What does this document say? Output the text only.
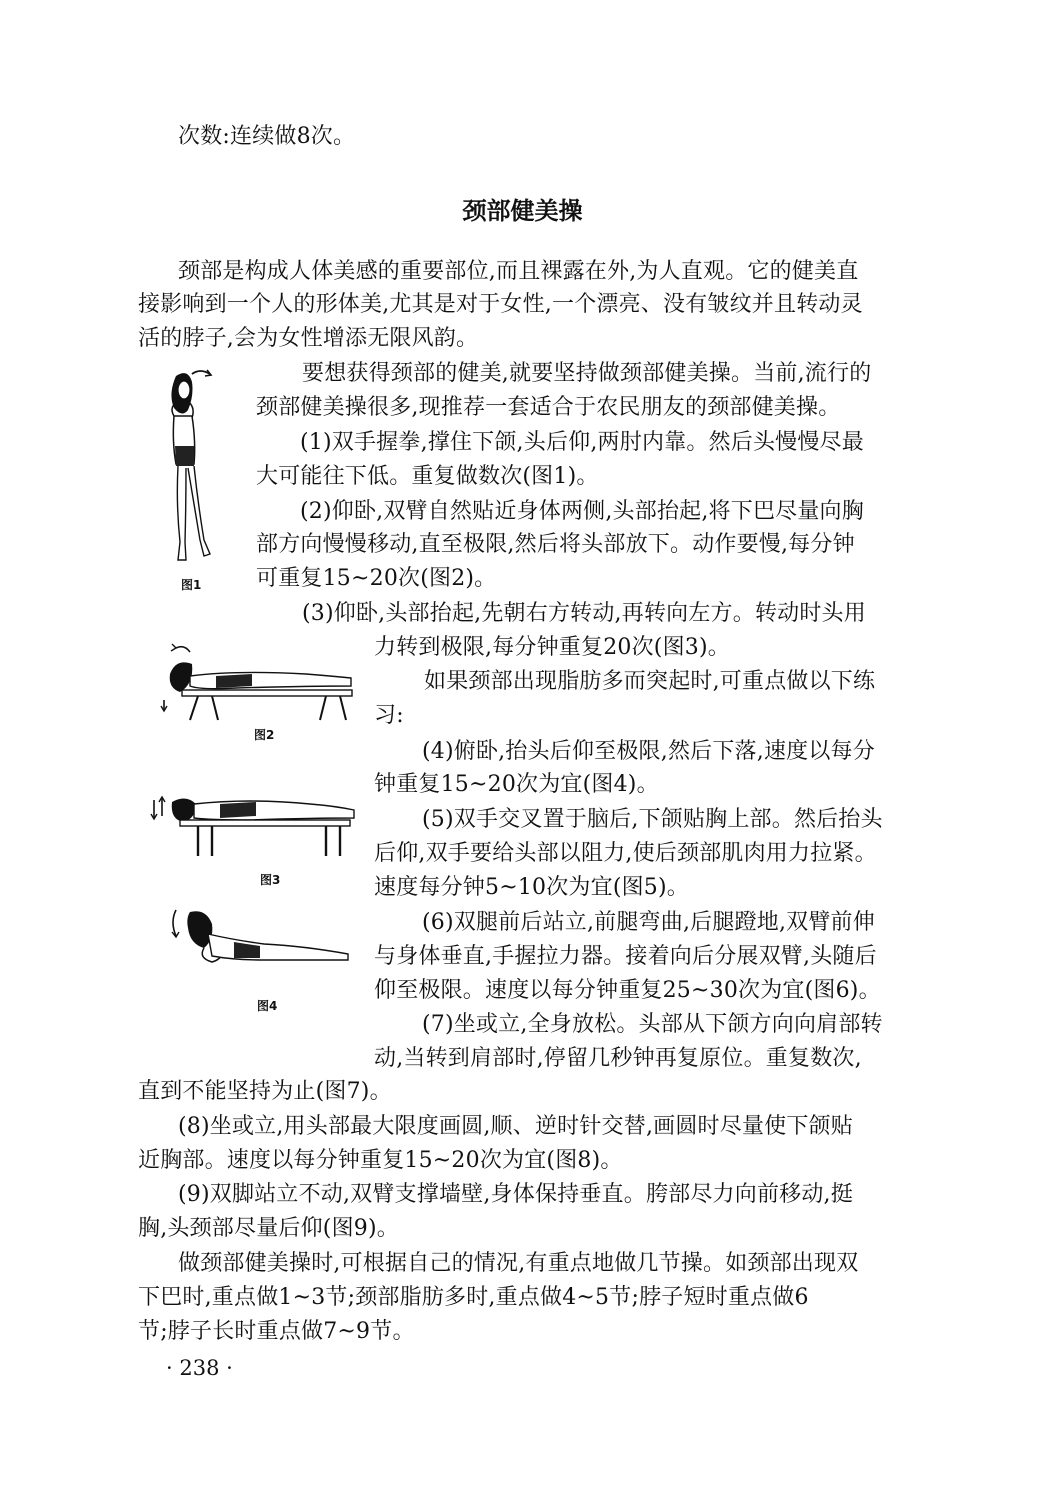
次数:连续做8次。
颈部健美操
颈部是构成人体美感的重要部位,而且裸露在外,为人直观。它的健美直
接影响到一个人的形体美,尤其是对于女性,一个漂亮、没有皱纹并且转动灵
活的脖子,会为女性增添无限风韵。
要想获得颈部的健美,就要坚持做颈部健美操。当前,流行的
颈部健美操很多,现推荐一套适合于农民朋友的颈部健美操。
(1)双手握拳,撑住下颌,头后仰,两肘内靠。然后头慢慢尽最
大可能往下低。重复做数次(图1)。
(2)仰卧,双臂自然贴近身体两侧,头部抬起,将下巴尽量向胸
部方向慢慢移动,直至极限,然后将头部放下。动作要慢,每分钟
可重复15~20次(图2)。
(3)仰卧,头部抬起,先朝右方转动,再转向左方。转动时头用
力转到极限,每分钟重复20次(图3)。
如果颈部出现脂肪多而突起时,可重点做以下练
习:
(4)俯卧,抬头后仰至极限,然后下落,速度以每分
钟重复15~20次为宜(图4)。
(5)双手交叉置于脑后,下颌贴胸上部。然后抬头
后仰,双手要给头部以阻力,使后颈部肌肉用力拉紧。
速度每分钟5~10次为宜(图5)。
(6)双腿前后站立,前腿弯曲,后腿蹬地,双臂前伸
与身体垂直,手握拉力器。接着向后分展双臂,头随后
仰至极限。速度以每分钟重复25~30次为宜(图6)。
(7)坐或立,全身放松。头部从下颌方向向肩部转
动,当转到肩部时,停留几秒钟再复原位。重复数次,
直到不能坚持为止(图7)。
(8)坐或立,用头部最大限度画圆,顺、逆时针交替,画圆时尽量使下颌贴
近胸部。速度以每分钟重复15~20次为宜(图8)。
(9)双脚站立不动,双臂支撑墙壁,身体保持垂直。胯部尽力向前移动,挺
胸,头颈部尽量后仰(图9)。
做颈部健美操时,可根据自己的情况,有重点地做几节操。如颈部出现双
下巴时,重点做1~3节;颈部脂肪多时,重点做4~5节;脖子短时重点做6
节;脖子长时重点做7~9节。
图1
图2
图3
图4
· 238 ·
